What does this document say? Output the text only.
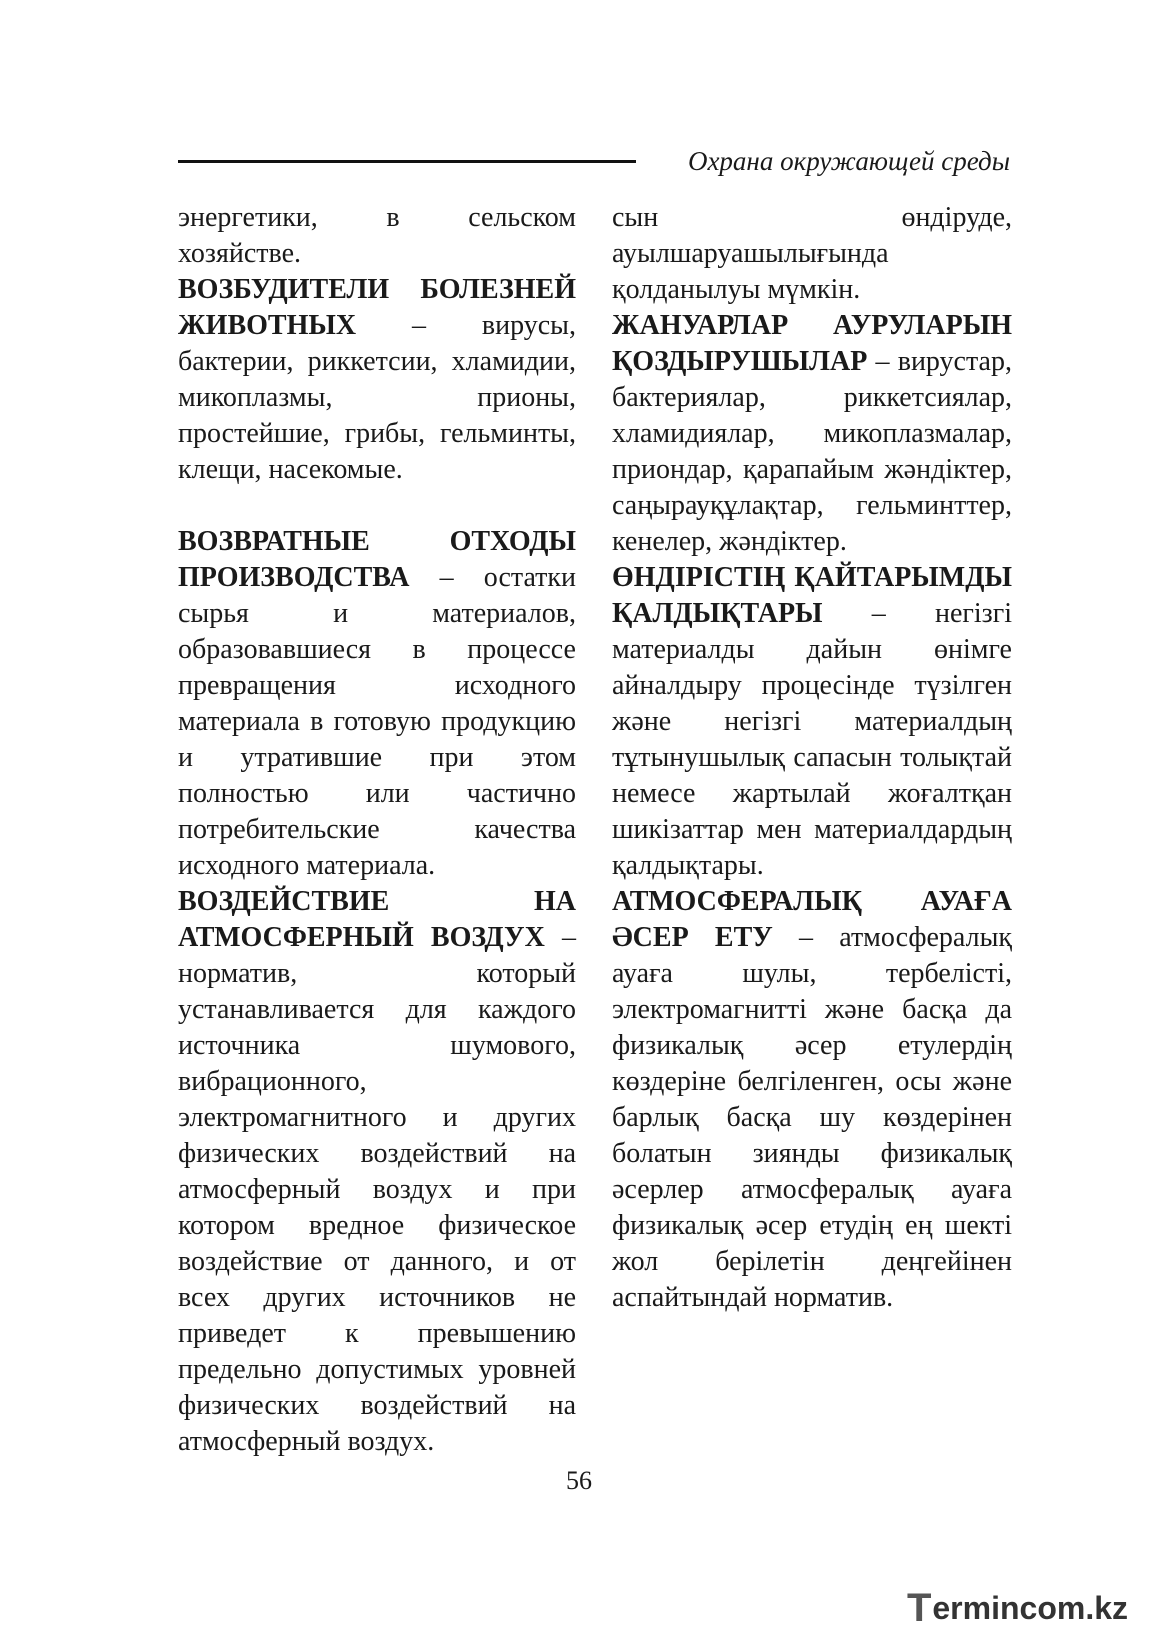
Охрана окружающей среды

энергетики, в сельском хозяйстве.

ВОЗБУДИТЕЛИ БОЛЕЗНЕЙ ЖИВОТНЫХ – вирусы, бактерии, риккетсии, хламидии, микоплазмы, прионы, простейшие, грибы, гельминты, клещи, насекомые.

ВОЗВРАТНЫЕ ОТХОДЫ ПРОИЗВОДСТВА – остатки сырья и материалов, образовавшиеся в процессе превращения исходного материала в готовую продукцию и утратившие при этом полностью или частично потребительские качества исходного материала.

ВОЗДЕЙСТВИЕ НА АТМОСФЕРНЫЙ ВОЗДУХ – норматив, который устанавливается для каждого источника шумового, вибрационного, электромагнитного и других физических воздействий на атмосферный воздух и при котором вредное физическое воздействие от данного, и от всех других источников не приведет к превышению предельно допустимых уровней физических воздействий на атмосферный воздух.

сын өндіруде, ауылшаруашылығында қолданылуы мүмкін.

ЖАНУАРЛАР АУРУЛАРЫН ҚОЗДЫРУШЫЛАР – вирустар, бактериялар, риккетсиялар, хламидиялар, микоплазмалар, приондар, қарапайым жәндіктер, саңырауқұлақтар, гельминттер, кенелер, жәндіктер.

ӨНДІРІСТІҢ ҚАЙТАРЫМДЫ ҚАЛДЫҚТАРЫ – негізгі материалды дайын өнімге айналдыру процесінде түзілген және негізгі материалдың тұтынушылық сапасын толықтай немесе жартылай жоғалтқан шикізаттар мен материалдардың қалдықтары.

АТМОСФЕРАЛЫҚ АУАҒА ӘСЕР ЕТУ – атмосфералық ауаға шулы, тербелісті, электромагнитті және басқа да физикалық әсер етулердің көздеріне белгіленген, осы және барлық басқа шу көздерінен болатын зиянды физикалық әсерлер атмосфералық ауаға физикалық әсер етудің ең шекті жол берілетін деңгейінен аспайтындай норматив.

56
T ermincom.kz
